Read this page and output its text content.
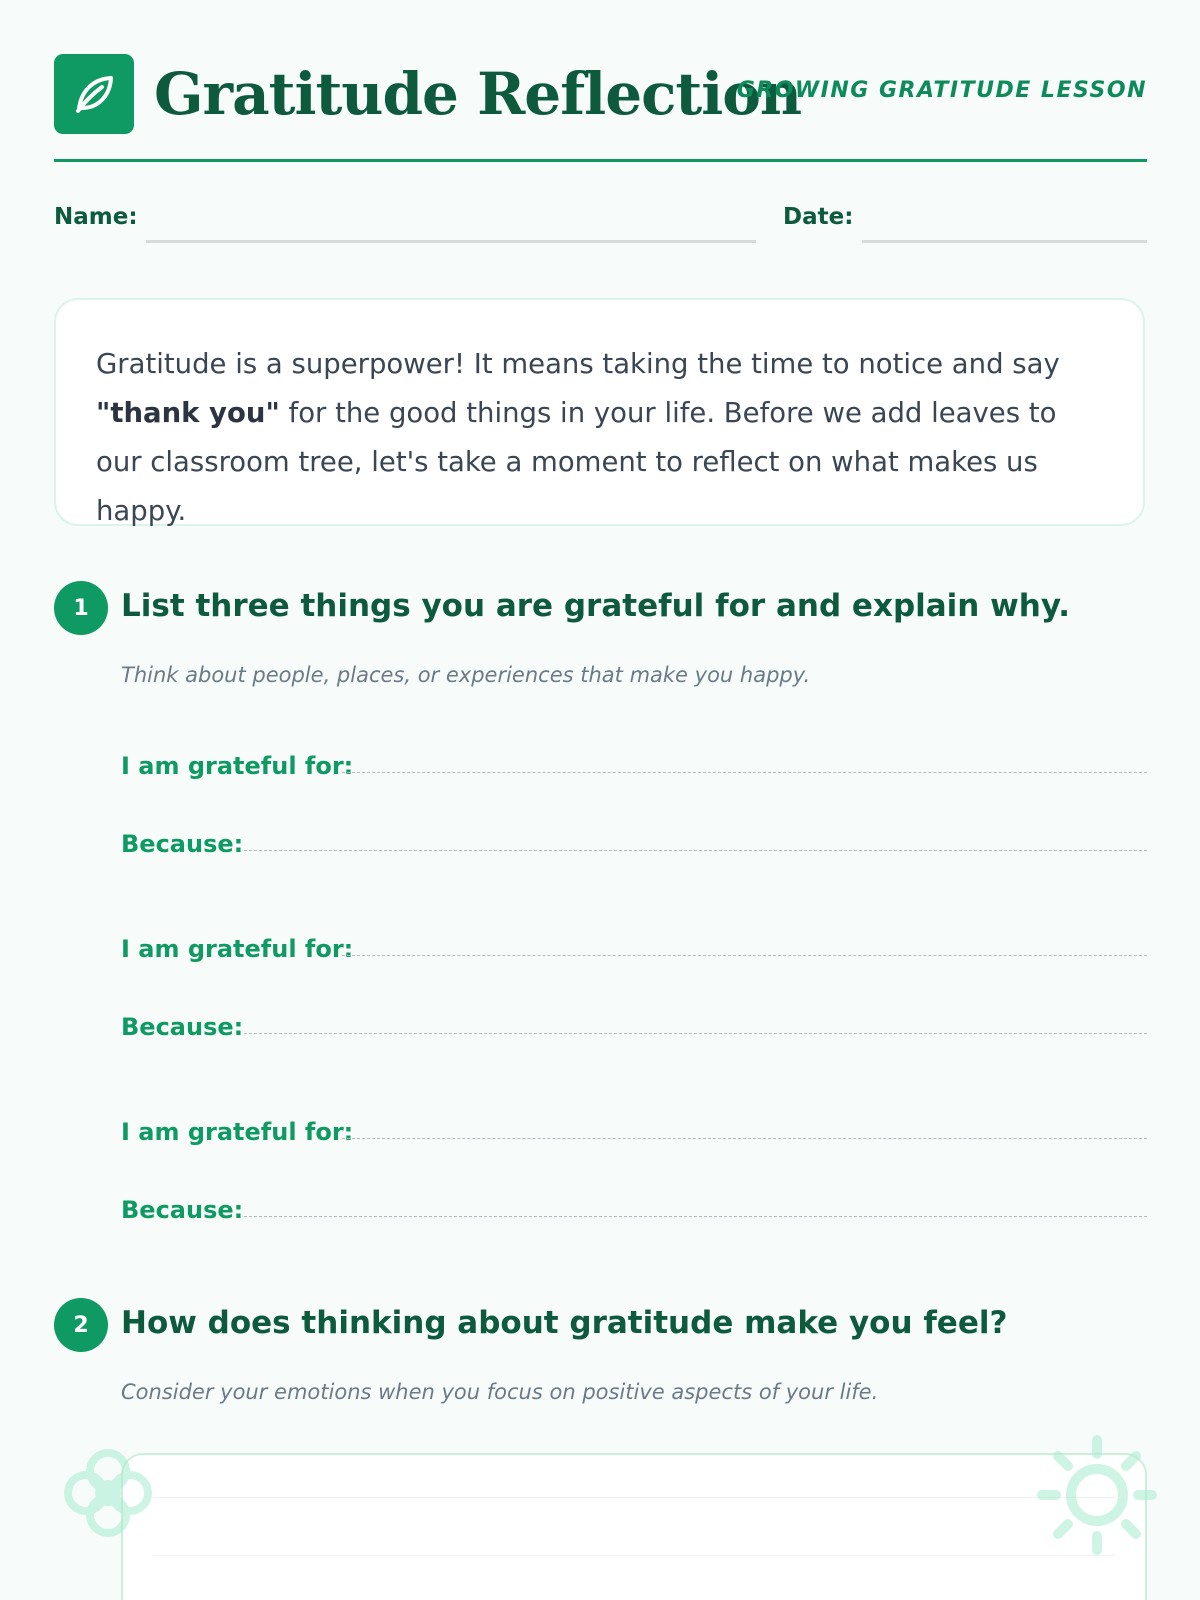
Gratitude Reflection
GROWING GRATITUDE LESSON
Name:	Date:

Gratitude is a superpower! It means taking the time to notice and say "thank you" for the good things in your life. Before we add leaves to our classroom tree, let's take a moment to reflect on what makes us happy.

1	List three things you are grateful for and explain why.
Think about people, places, or experiences that make you happy.
I am grateful for:
Because:
I am grateful for:
Because:
I am grateful for:
Because:
2	How does thinking about gratitude make you feel?
Consider your emotions when you focus on positive aspects of your life.
